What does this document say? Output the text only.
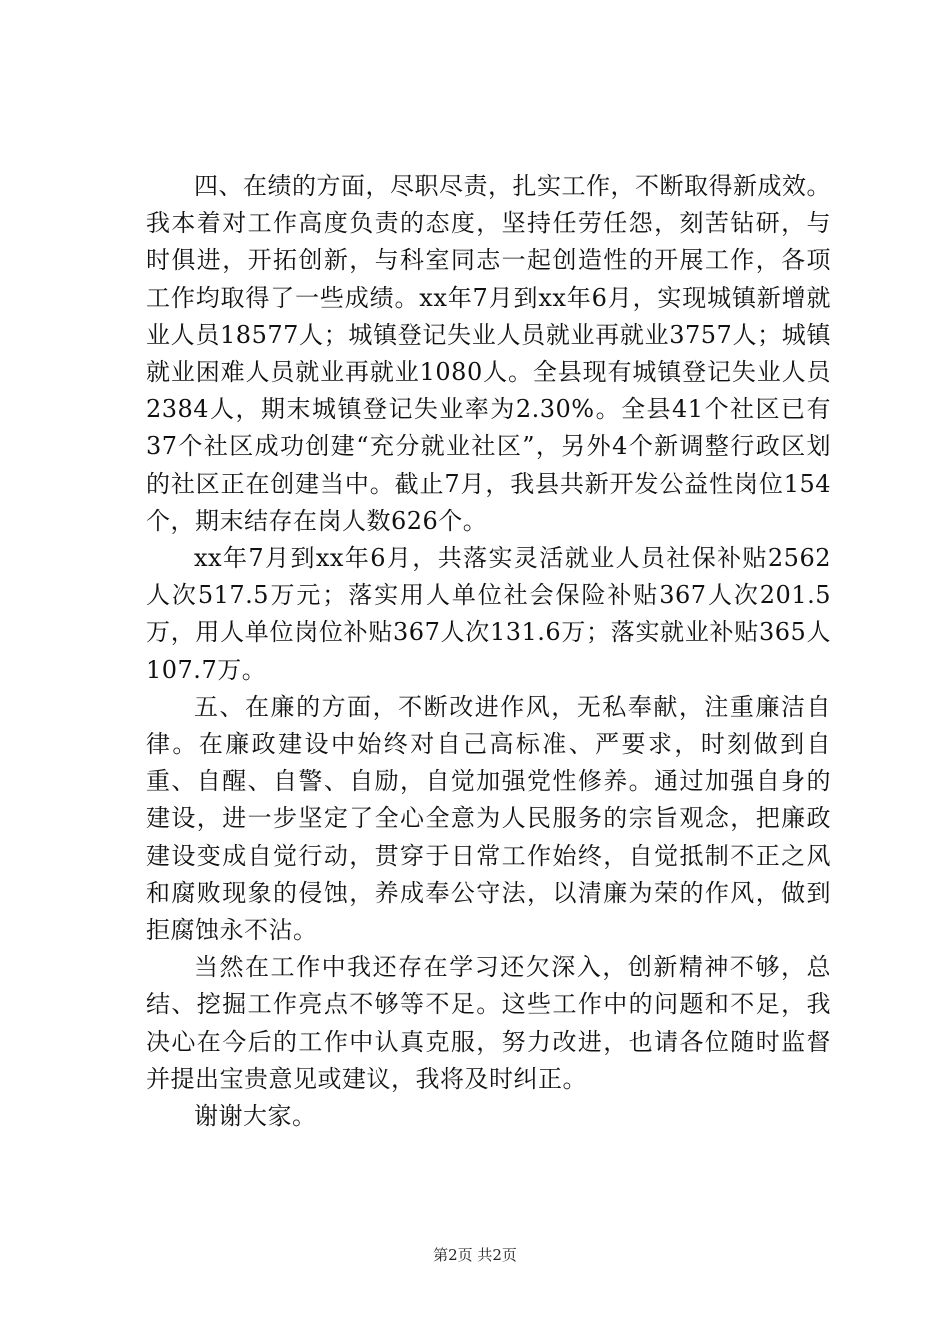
四、在绩的方面，尽职尽责，扎实工作，不断取得新成效。我本着对工作高度负责的态度，坚持任劳任怨，刻苦钻研，与时俱进，开拓创新，与科室同志一起创造性的开展工作，各项工作均取得了一些成绩。xx年7月到xx年6月，实现城镇新增就业人员18577人；城镇登记失业人员就业再就业3757人；城镇就业困难人员就业再就业1080人。全县现有城镇登记失业人员2384人，期末城镇登记失业率为2.30%。全县41个社区已有37个社区成功创建“充分就业社区”，另外4个新调整行政区划的社区正在创建当中。截止7月，我县共新开发公益性岗位154个，期末结存在岗人数626个。

xx年7月到xx年6月，共落实灵活就业人员社保补贴2562人次517.5万元；落实用人单位社会保险补贴367人次201.5万，用人单位岗位补贴367人次131.6万；落实就业补贴365人107.7万。

五、在廉的方面，不断改进作风，无私奉献，注重廉洁自律。在廉政建设中始终对自己高标准、严要求，时刻做到自重、自醒、自警、自励，自觉加强党性修养。通过加强自身的建设，进一步坚定了全心全意为人民服务的宗旨观念，把廉政建设变成自觉行动，贯穿于日常工作始终，自觉抵制不正之风和腐败现象的侵蚀，养成奉公守法，以清廉为荣的作风，做到拒腐蚀永不沾。

当然在工作中我还存在学习还欠深入，创新精神不够，总结、挖掘工作亮点不够等不足。这些工作中的问题和不足，我决心在今后的工作中认真克服，努力改进，也请各位随时监督并提出宝贵意见或建议，我将及时纠正。

谢谢大家。

第2页 共2页
